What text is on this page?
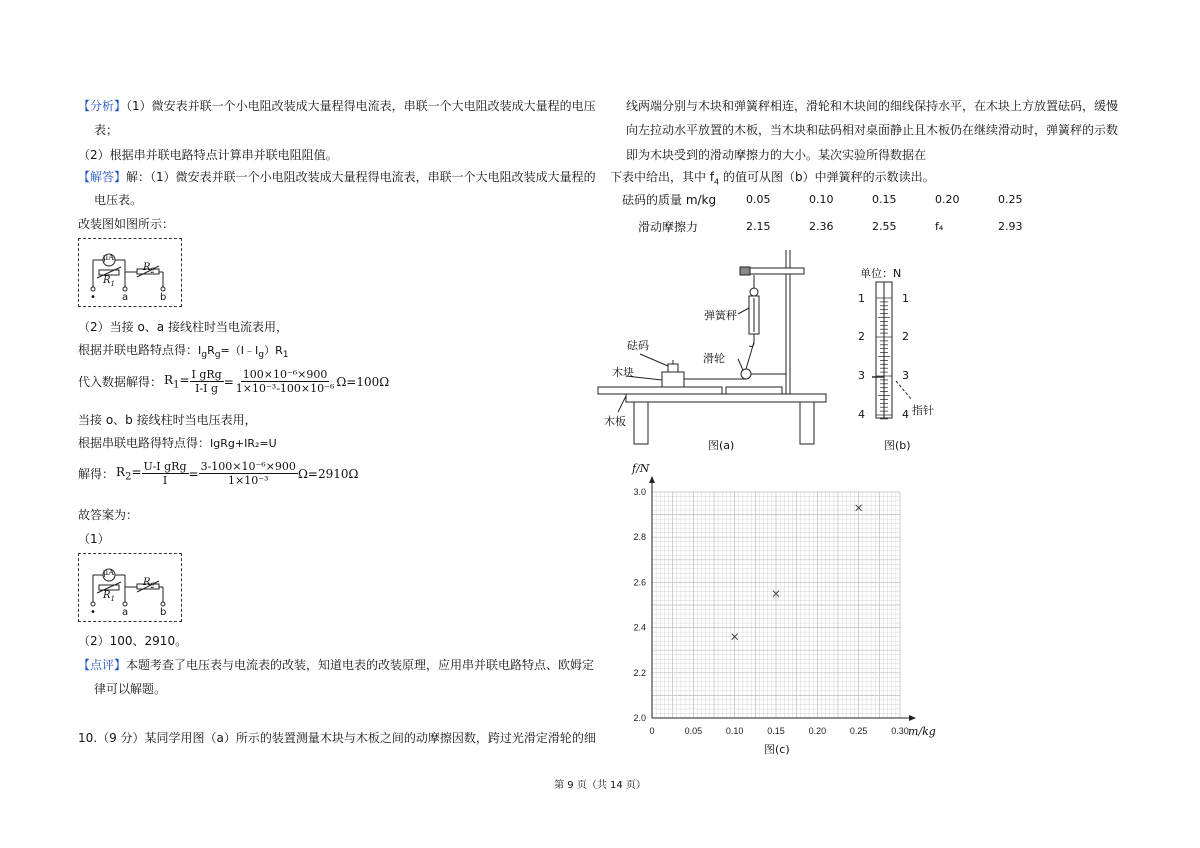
【分析】（1）微安表并联一个小电阻改装成大量程得电流表，串联一个大电阻改装成大量程的电压
表；
（2）根据串并联电路特点计算串并联电阻阻值。
【解答】解：（1）微安表并联一个小电阻改装成大量程得电流表，串联一个大电阻改装成大量程的
电压表。
改装图如图所示：
μA
$R_1$
$R_2$
•	a	b
（2）当接 o、a 接线柱时当电流表用，
根据并联电路特点得：$I_gR_g=(I﹣I_g)R_1$
代入数据解得： $R_1= \frac{\text{I gRg}}{\text{I-I g}} = \frac{\text{100×10⁻⁶×900}}{\text{1×10⁻³-100×10⁻⁶}} \Omega=100\Omega$
当接 o、b 接线柱时当电压表用，
根据串联电路得特点得：IgRg+IR₂=U
解得： $R_2= \frac{\text{U-I gRg}}{I} = \frac{\text{3-100×10⁻⁶×900}}{\text{1×10⁻³}} \Omega=2910\Omega$
故答案为：
（1）
μA
$R_1$
$R_2$
•	a	b
（2）100、2910。
【点评】本题考查了电压表与电流表的改装，知道电表的改装原理，应用串并联电路特点、欧姆定
律可以解题。
10.（9 分）某同学用图（a）所示的装置测量木块与木板之间的动摩擦因数，跨过光滑定滑轮的细
线两端分别与木块和弹簧秤相连，滑轮和木块间的细线保持水平，在木块上方放置砝码，缓慢
向左拉动水平放置的木板，当木块和砝码相对桌面静止且木板仍在继续滑动时，弹簧秤的示数
即为木块受到的滑动摩擦力的大小。某次实验所得数据在
下表中给出，其中 $f_4$ 的值可从图（b）中弹簧秤的示数读出。
砝码的质量 m/kg	0.05	0.10	0.15	0.20	0.25
滑动摩擦力	2.15	2.36	2.55	f₄	2.93
砝码
木块
木板
弹簧秤
滑轮
图(a)
单位：N
1
2
3
4
1
2
3
4 指针
图(b)
0	0.05	0.10	0.15	0.20	0.25	0.30
2.0
2.2
2.4
2.6
2.8
3.0
f/N
m/kg
图(c)
第 9 页（共 14 页）
